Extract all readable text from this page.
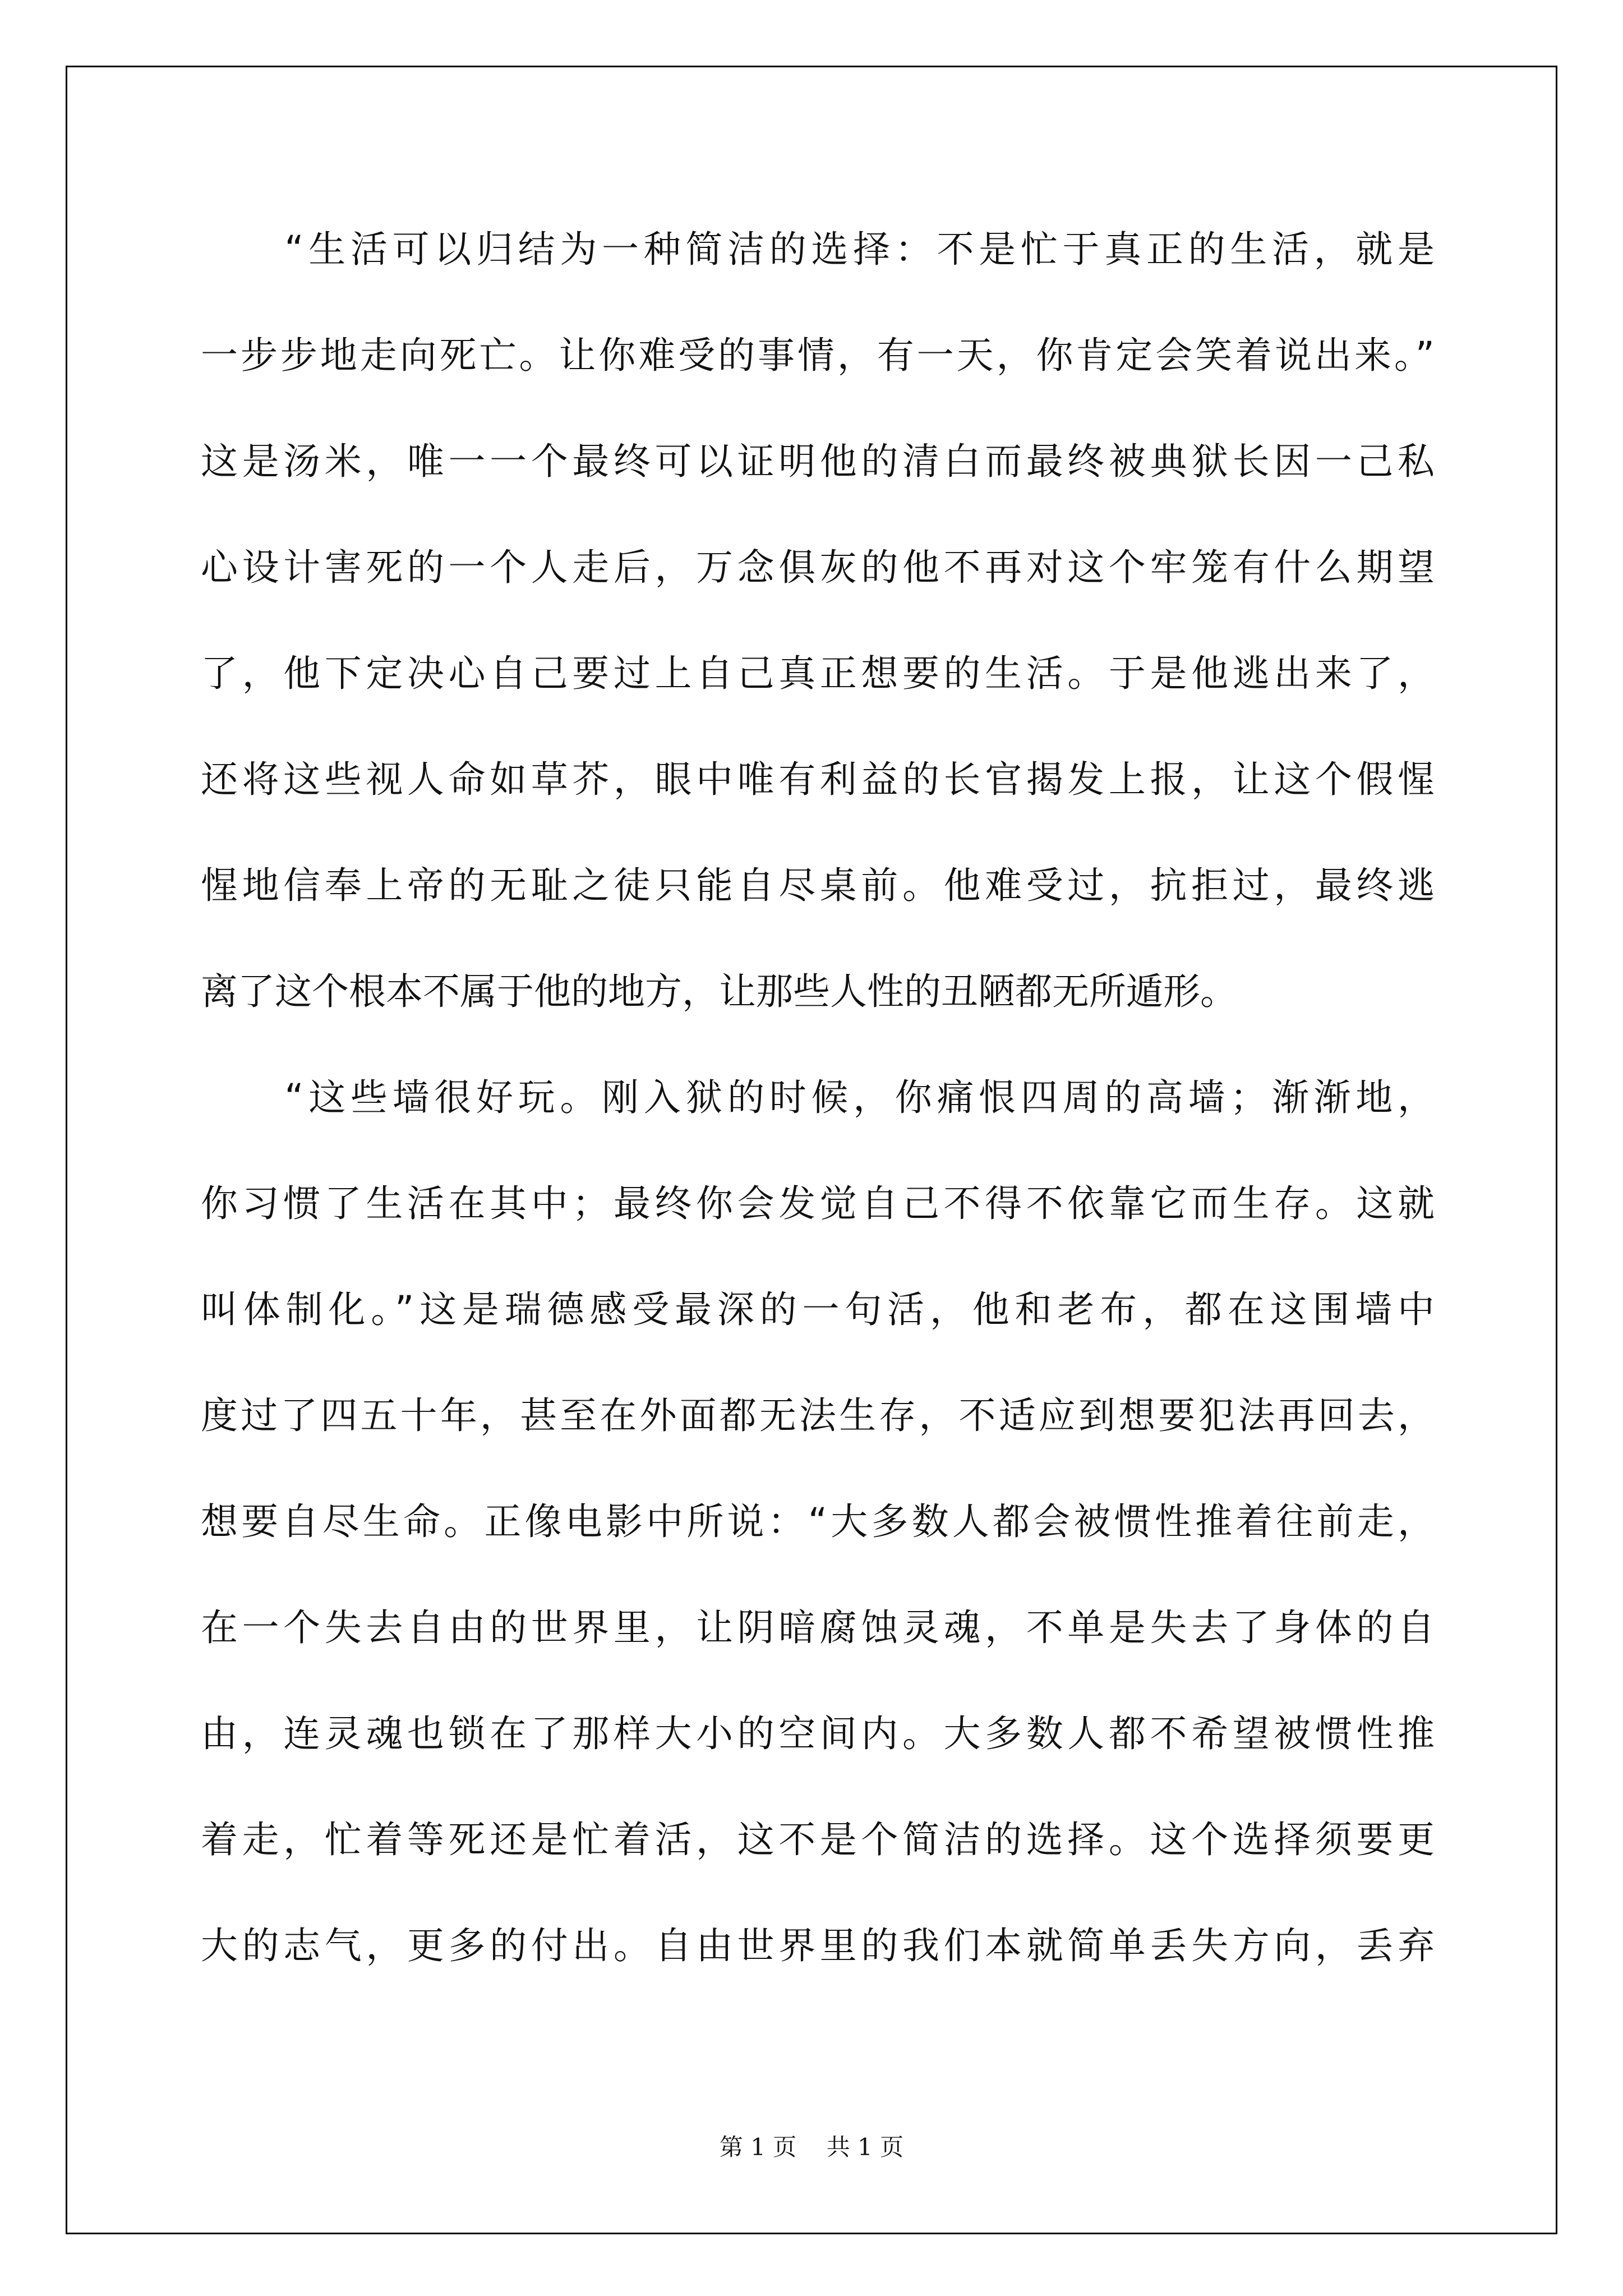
　　“生活可以归结为一种简洁的选择：不是忙于真正的生活，就是
一步步地走向死亡。让你难受的事情，有一天，你肯定会笑着说出来。”
这是汤米，唯一一个最终可以证明他的清白而最终被典狱长因一己私
心设计害死的一个人走后，万念俱灰的他不再对这个牢笼有什么期望
了，他下定决心自己要过上自己真正想要的生活。于是他逃出来了，
还将这些视人命如草芥，眼中唯有利益的长官揭发上报，让这个假惺
惺地信奉上帝的无耻之徒只能自尽桌前。他难受过，抗拒过，最终逃
离了这个根本不属于他的地方，让那些人性的丑陋都无所遁形。
　　“这些墙很好玩。刚入狱的时候，你痛恨四周的高墙；渐渐地，
你习惯了生活在其中；最终你会发觉自己不得不依靠它而生存。这就
叫体制化。”这是瑞德感受最深的一句活，他和老布，都在这围墙中
度过了四五十年，甚至在外面都无法生存，不适应到想要犯法再回去，
想要自尽生命。正像电影中所说：“大多数人都会被惯性推着往前走，
在一个失去自由的世界里，让阴暗腐蚀灵魂，不单是失去了身体的自
由，连灵魂也锁在了那样大小的空间内。大多数人都不希望被惯性推
着走，忙着等死还是忙着活，这不是个简洁的选择。这个选择须要更
大的志气，更多的付出。自由世界里的我们本就简单丢失方向，丢弃
第 1 页    共 1 页
